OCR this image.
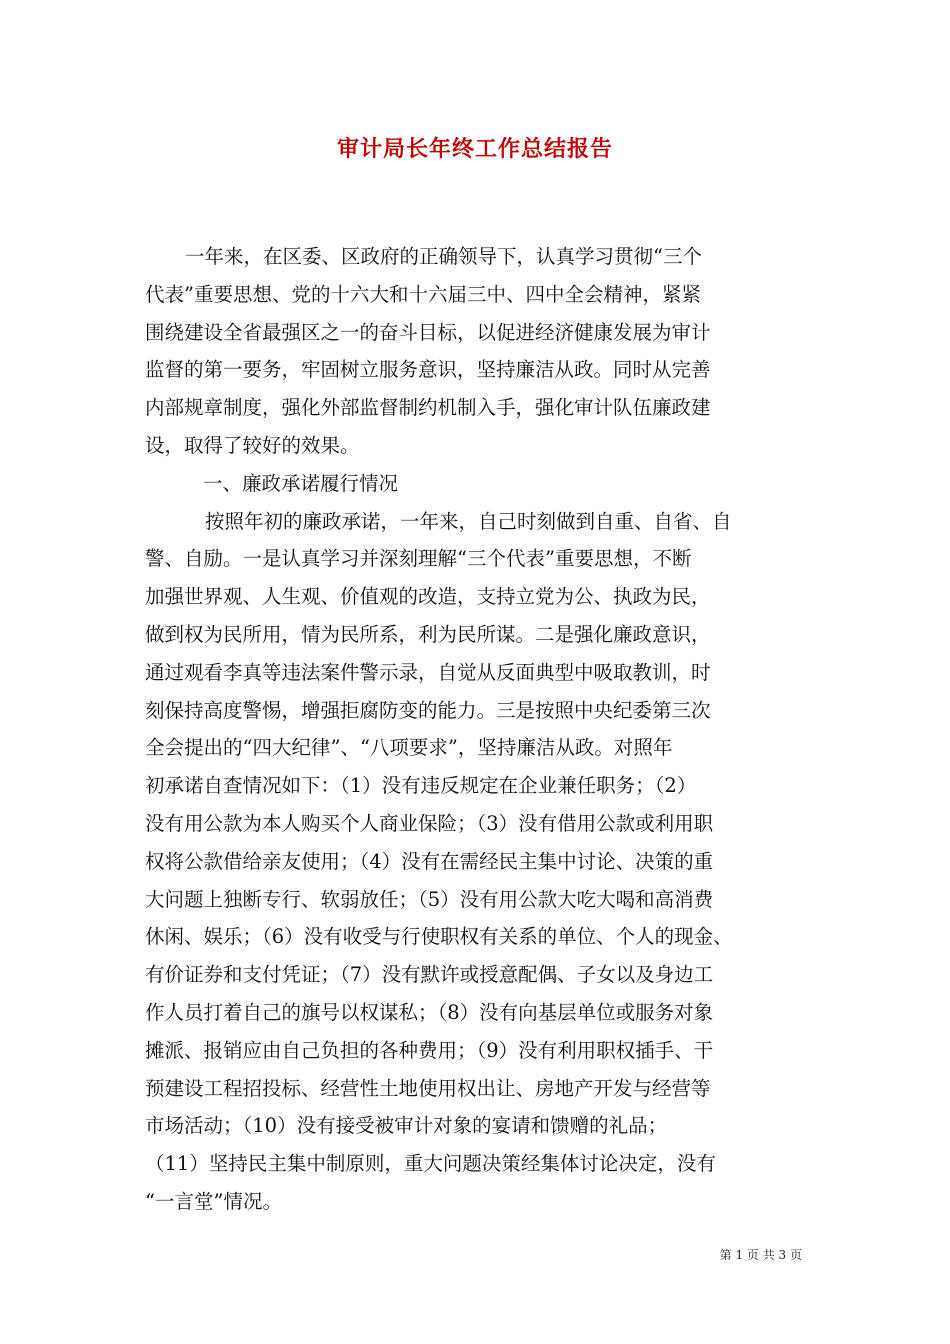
审计局长年终工作总结报告
一年来，在区委、区政府的正确领导下，认真学习贯彻“三个
代表”重要思想、党的十六大和十六届三中、四中全会精神，紧紧
围绕建设全省最强区之一的奋斗目标，以促进经济健康发展为审计
监督的第一要务，牢固树立服务意识，坚持廉洁从政。同时从完善
内部规章制度，强化外部监督制约机制入手，强化审计队伍廉政建
设，取得了较好的效果。
一、廉政承诺履行情况
按照年初的廉政承诺，一年来，自己时刻做到自重、自省、自
警、自励。一是认真学习并深刻理解“三个代表”重要思想，不断
加强世界观、人生观、价值观的改造，支持立党为公、执政为民，
做到权为民所用，情为民所系，利为民所谋。二是强化廉政意识，
通过观看李真等违法案件警示录，自觉从反面典型中吸取教训，时
刻保持高度警惕，增强拒腐防变的能力。三是按照中央纪委第三次
全会提出的“四大纪律”、“八项要求”，坚持廉洁从政。对照年
初承诺自查情况如下：（1）没有违反规定在企业兼任职务；（2）
没有用公款为本人购买个人商业保险；（3）没有借用公款或利用职
权将公款借给亲友使用；（4）没有在需经民主集中讨论、决策的重
大问题上独断专行、软弱放任；（5）没有用公款大吃大喝和高消费
休闲、娱乐；（6）没有收受与行使职权有关系的单位、个人的现金、
有价证券和支付凭证；（7）没有默许或授意配偶、子女以及身边工
作人员打着自己的旗号以权谋私；（8）没有向基层单位或服务对象
摊派、报销应由自己负担的各种费用；（9）没有利用职权插手、干
预建设工程招投标、经营性土地使用权出让、房地产开发与经营等
市场活动；（10）没有接受被审计对象的宴请和馈赠的礼品；
（11）坚持民主集中制原则，重大问题决策经集体讨论决定，没有
“一言堂”情况。
第 1 页 共 3 页
